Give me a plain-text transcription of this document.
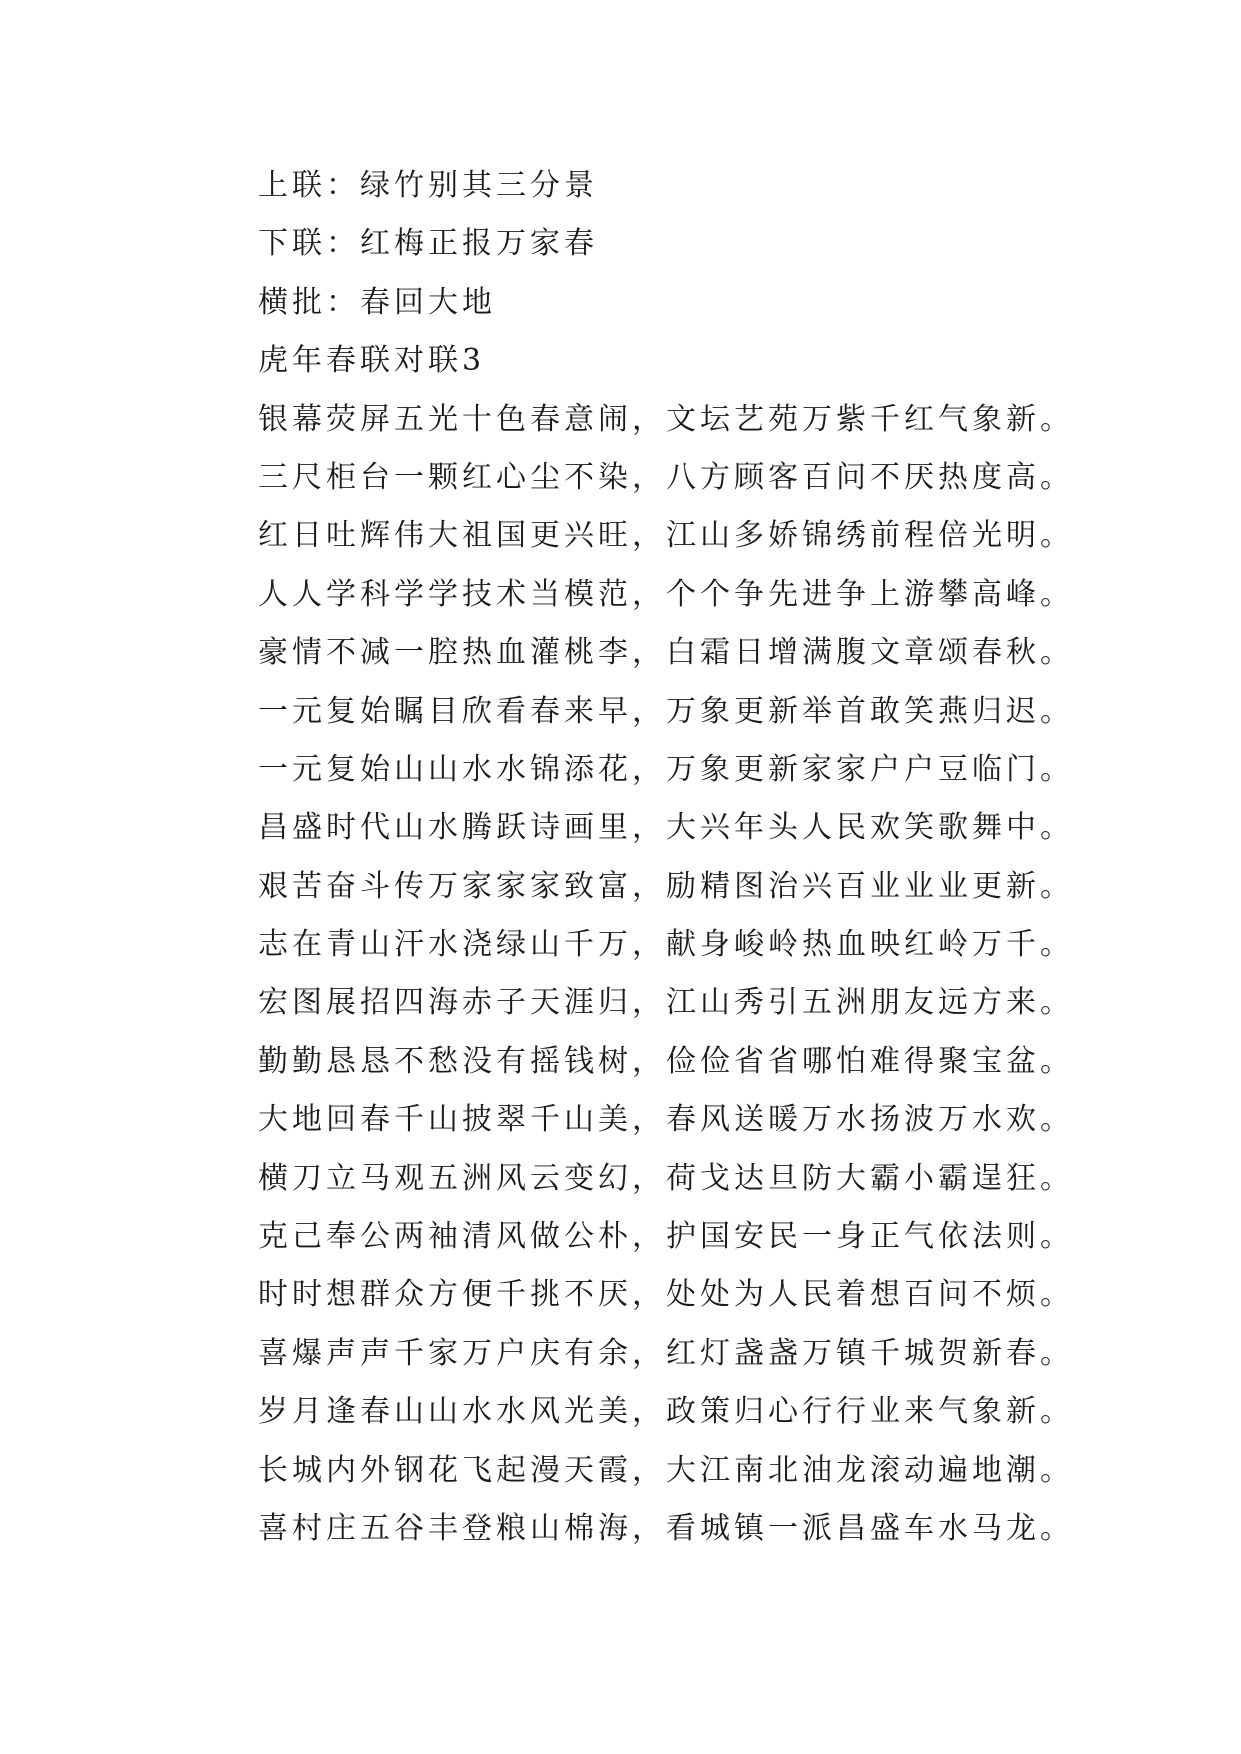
上联：绿竹别其三分景
下联：红梅正报万家春
横批：春回大地
虎年春联对联3
银幕荧屏五光十色春意闹，文坛艺苑万紫千红气象新。
三尺柜台一颗红心尘不染，八方顾客百问不厌热度高。
红日吐辉伟大祖国更兴旺，江山多娇锦绣前程倍光明。
人人学科学学技术当模范，个个争先进争上游攀高峰。
豪情不减一腔热血灌桃李，白霜日增满腹文章颂春秋。
一元复始瞩目欣看春来早，万象更新举首敢笑燕归迟。
一元复始山山水水锦添花，万象更新家家户户豆临门。
昌盛时代山水腾跃诗画里，大兴年头人民欢笑歌舞中。
艰苦奋斗传万家家家致富，励精图治兴百业业业更新。
志在青山汗水浇绿山千万，献身峻岭热血映红岭万千。
宏图展招四海赤子天涯归，江山秀引五洲朋友远方来。
勤勤恳恳不愁没有摇钱树，俭俭省省哪怕难得聚宝盆。
大地回春千山披翠千山美，春风送暖万水扬波万水欢。
横刀立马观五洲风云变幻，荷戈达旦防大霸小霸逞狂。
克己奉公两袖清风做公朴，护国安民一身正气依法则。
时时想群众方便千挑不厌，处处为人民着想百问不烦。
喜爆声声千家万户庆有余，红灯盏盏万镇千城贺新春。
岁月逢春山山水水风光美，政策归心行行业来气象新。
长城内外钢花飞起漫天霞，大江南北油龙滚动遍地潮。
喜村庄五谷丰登粮山棉海，看城镇一派昌盛车水马龙。
